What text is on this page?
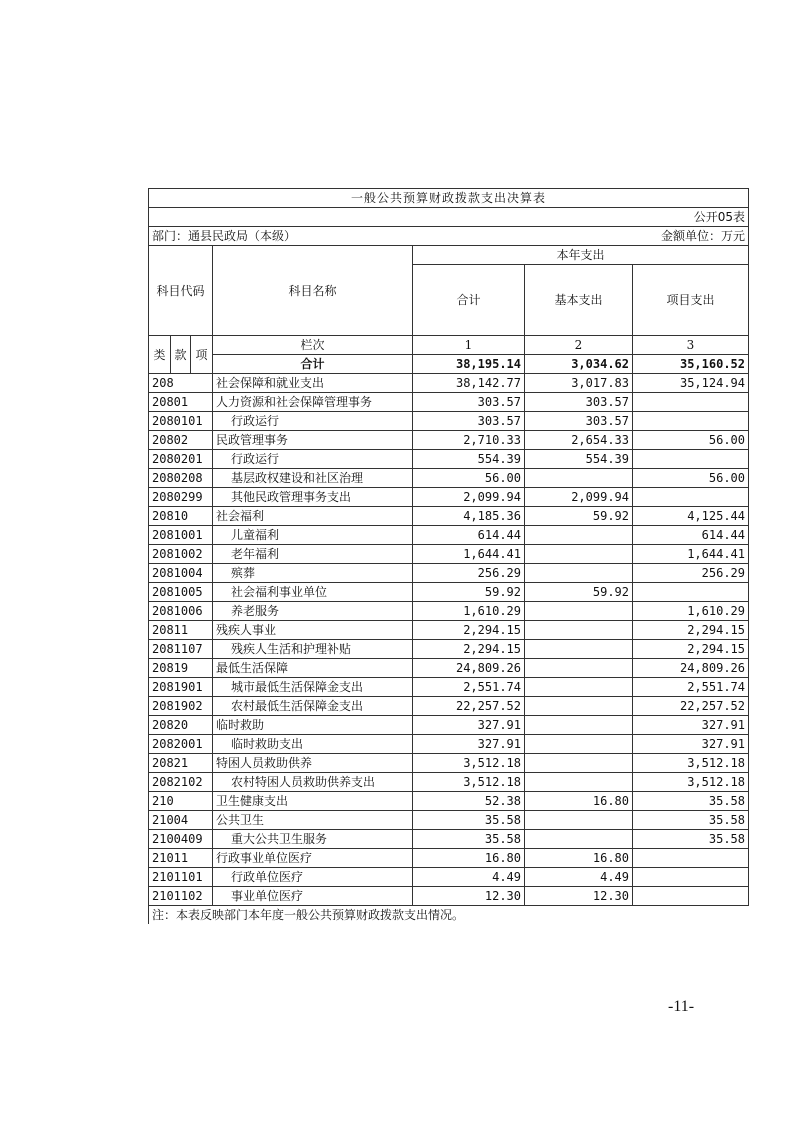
一般公共预算财政拨款支出决算表						
						公开05表
部门：通县民政局（本级）						金额单位：万元
科目代码			科目名称	本年支出		
				合计	基本支出	项目支出
类	款	项	栏次	1	2	3
			合计	38,195.14	3,034.62	35,160.52
208			社会保障和就业支出	38,142.77	3,017.83	35,124.94
20801			人力资源和社会保障管理事务	303.57	303.57	
2080101			行政运行	303.57	303.57	
20802			民政管理事务	2,710.33	2,654.33	56.00
2080201			行政运行	554.39	554.39	
2080208			基层政权建设和社区治理	56.00		56.00
2080299			其他民政管理事务支出	2,099.94	2,099.94	
20810			社会福利	4,185.36	59.92	4,125.44
2081001			儿童福利	614.44		614.44
2081002			老年福利	1,644.41		1,644.41
2081004			殡葬	256.29		256.29
2081005			社会福利事业单位	59.92	59.92	
2081006			养老服务	1,610.29		1,610.29
20811			残疾人事业	2,294.15		2,294.15
2081107			残疾人生活和护理补贴	2,294.15		2,294.15
20819			最低生活保障	24,809.26		24,809.26
2081901			城市最低生活保障金支出	2,551.74		2,551.74
2081902			农村最低生活保障金支出	22,257.52		22,257.52
20820			临时救助	327.91		327.91
2082001			临时救助支出	327.91		327.91
20821			特困人员救助供养	3,512.18		3,512.18
2082102			农村特困人员救助供养支出	3,512.18		3,512.18
210			卫生健康支出	52.38	16.80	35.58
21004			公共卫生	35.58		35.58
2100409			重大公共卫生服务	35.58		35.58
21011			行政事业单位医疗	16.80	16.80	
2101101			行政单位医疗	4.49	4.49	
2101102			事业单位医疗	12.30	12.30	
注：本表反映部门本年度一般公共预算财政拨款支出情况。						
-11-
